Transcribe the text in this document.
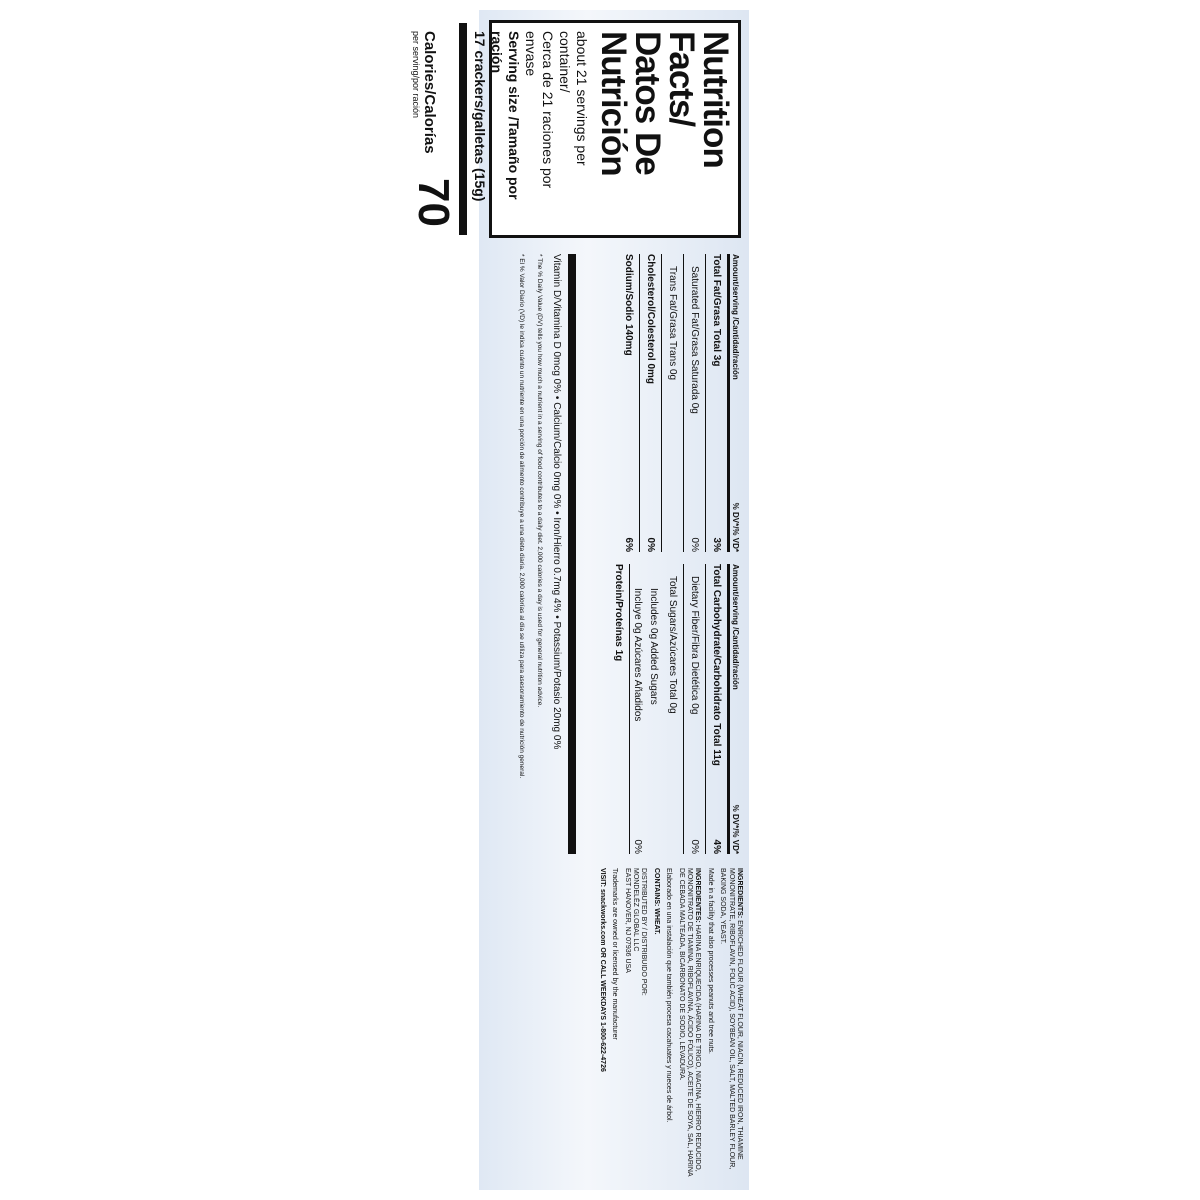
Nutrition Facts/
Datos De
Nutrición
about 21 servings per container/
Cerca de 21 raciones por envase
Serving size /Tamaño por ración
17 crackers/galletas (15g)
Calories/Calorías
per serving/por ración
70
Amount/serving /Cantidad/ración
% DV*/% VD*
Total Fat/Grasa Total 3g
3%
Saturated Fat/Grasa Saturada 0g
0%
Trans Fat/Grasa Trans 0g
Cholesterol/Colesterol 0mg
0%
Sodium/Sodio 140mg
6%
Amount/serving /Cantidad/ración
% DV*/% VD*
Total Carbohydrate/Carbohidrato Total 11g
4%
Dietary Fiber/Fibra Dietética 0g
0%
Total Sugars/Azúcares Total 0g
Includes 0g Added Sugars
Incluye 0g Azúcares Añadidos
0%
Protein/Proteínas 1g
Vitamin D/Vitamina D 0mcg 0% • Calcium/Calcio 0mg 0% • Iron/Hierro 0.7mg 4% • Potassium/Potasio 20mg 0%
* The % Daily Value (DV) tells you how much a nutrient in a serving of food contributes to a daily diet. 2,000 calories a day is used for general nutrition advice.
* El % Valor Diario (VD) le indica cuánto un nutriente en una porción de alimento contribuye a una dieta diaria. 2,000 calorías al día se utiliza para asesoramiento de nutrición general.

INGREDIENTS: ENRICHED FLOUR (WHEAT FLOUR, NIACIN, REDUCED IRON, THIAMINE MONONITRATE, RIBOFLAVIN, FOLIC ACID), SOYBEAN OIL, SALT, MALTED BARLEY FLOUR, BAKING SODA, YEAST.

Made in a facility that also processes peanuts and tree nuts.

INGREDIENTES: HARINA ENRIQUECIDA (HARINA DE TRIGO, NIACINA, HIERRO REDUCIDO, MONONITRATO DE TIAMINA, RIBOFLAVINA, ÁCIDO FÓLICO), ACEITE DE SOYA, SAL, HARINA DE CEBADA MALTEADA, BICARBONATO DE SODIO, LEVADURA.

Elaborado en una instalación que también procesa cacahuates y nueces de árbol.

CONTAINS: WHEAT.

DISTRIBUTED BY / DISTRIBUIDO POR:

MONDELĒZ GLOBAL LLC

EAST HANOVER, NJ 07936 USA

Trademarks are owned or licensed by the manufacturer

VISIT: snackworks.com OR CALL WEEKDAYS 1-800-622-4726
